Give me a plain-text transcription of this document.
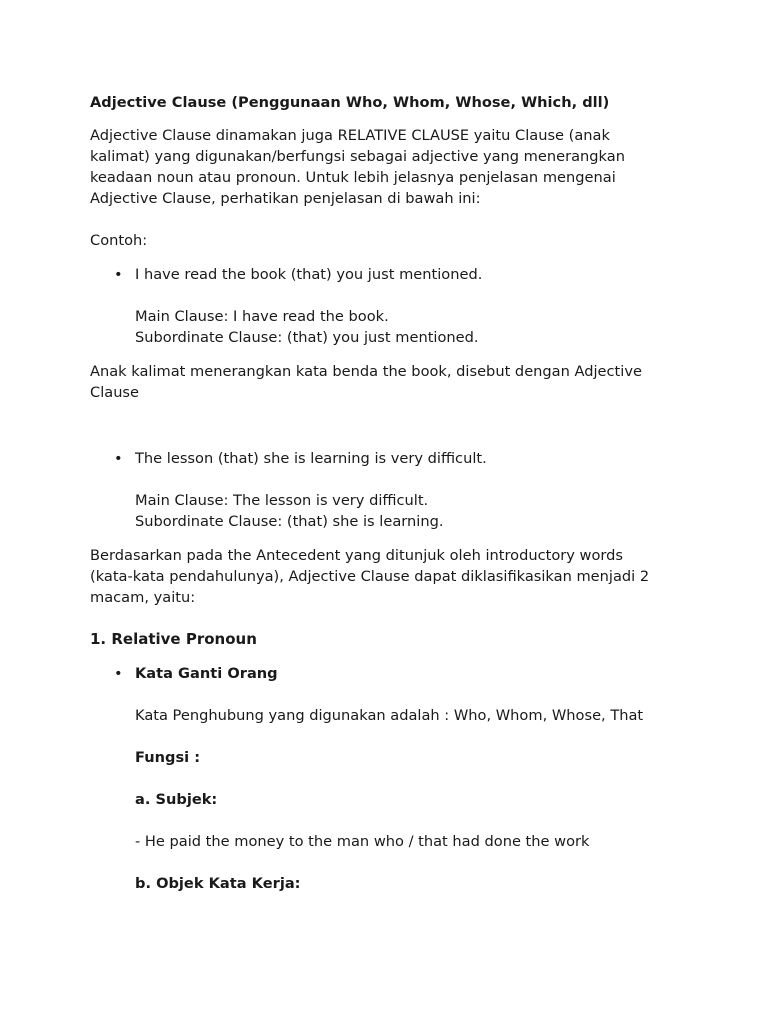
Adjective Clause (Penggunaan Who, Whom, Whose, Which, dll)

Adjective Clause dinamakan juga RELATIVE CLAUSE yaitu Clause (anak

kalimat) yang digunakan/berfungsi sebagai adjective yang menerangkan

keadaan noun atau pronoun. Untuk lebih jelasnya penjelasan mengenai

Adjective Clause, perhatikan penjelasan di bawah ini:

Contoh:

• I have read the book (that) you just mentioned.

Main Clause: I have read the book.

Subordinate Clause: (that) you just mentioned.

Anak kalimat menerangkan kata benda the book, disebut dengan Adjective

Clause

• The lesson (that) she is learning is very difficult.

Main Clause: The lesson is very difficult.

Subordinate Clause: (that) she is learning.

Berdasarkan pada the Antecedent yang ditunjuk oleh introductory words

(kata-kata pendahulunya), Adjective Clause dapat diklasifikasikan menjadi 2

macam, yaitu:

1. Relative Pronoun

• Kata Ganti Orang

Kata Penghubung yang digunakan adalah : Who, Whom, Whose, That

Fungsi :

a. Subjek:

- He paid the money to the man who / that had done the work

b. Objek Kata Kerja:
